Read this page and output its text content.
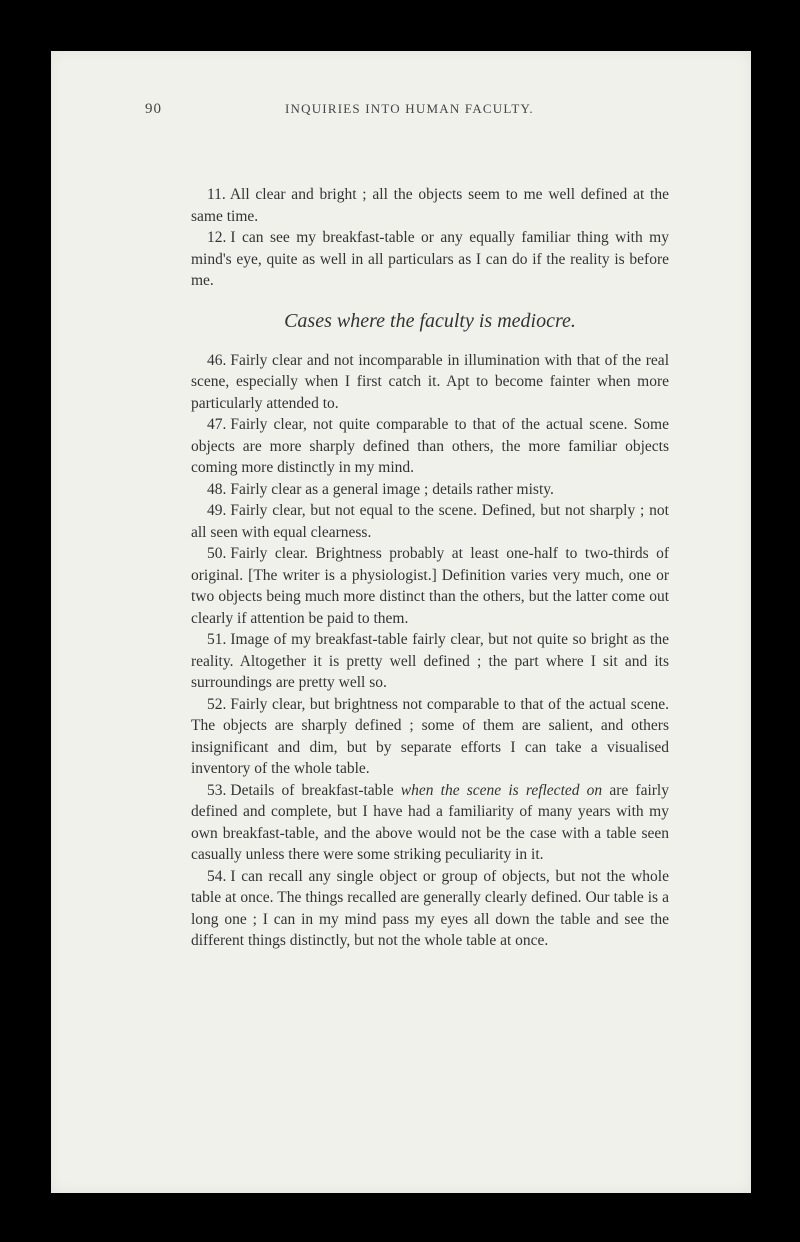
90	INQUIRIES INTO HUMAN FACULTY.

11. All clear and bright ; all the objects seem to me well defined at the same time.

12. I can see my breakfast-table or any equally familiar thing with my mind's eye, quite as well in all particulars as I can do if the reality is before me.

Cases where the faculty is mediocre.

46. Fairly clear and not incomparable in illumination with that of the real scene, especially when I first catch it. Apt to become fainter when more particularly attended to.

47. Fairly clear, not quite comparable to that of the actual scene. Some objects are more sharply defined than others, the more familiar objects coming more distinctly in my mind.

48. Fairly clear as a general image ; details rather misty.

49. Fairly clear, but not equal to the scene. Defined, but not sharply ; not all seen with equal clearness.

50. Fairly clear. Brightness probably at least one-half to two-thirds of original. [The writer is a physiologist.] Definition varies very much, one or two objects being much more distinct than the others, but the latter come out clearly if attention be paid to them.

51. Image of my breakfast-table fairly clear, but not quite so bright as the reality. Altogether it is pretty well defined ; the part where I sit and its surroundings are pretty well so.

52. Fairly clear, but brightness not comparable to that of the actual scene. The objects are sharply defined ; some of them are salient, and others insignificant and dim, but by separate efforts I can take a visualised inventory of the whole table.

53. Details of breakfast-table when the scene is reflected on are fairly defined and complete, but I have had a familiarity of many years with my own breakfast-table, and the above would not be the case with a table seen casually unless there were some striking peculiarity in it.

54. I can recall any single object or group of objects, but not the whole table at once. The things recalled are generally clearly defined. Our table is a long one ; I can in my mind pass my eyes all down the table and see the different things distinctly, but not the whole table at once.
